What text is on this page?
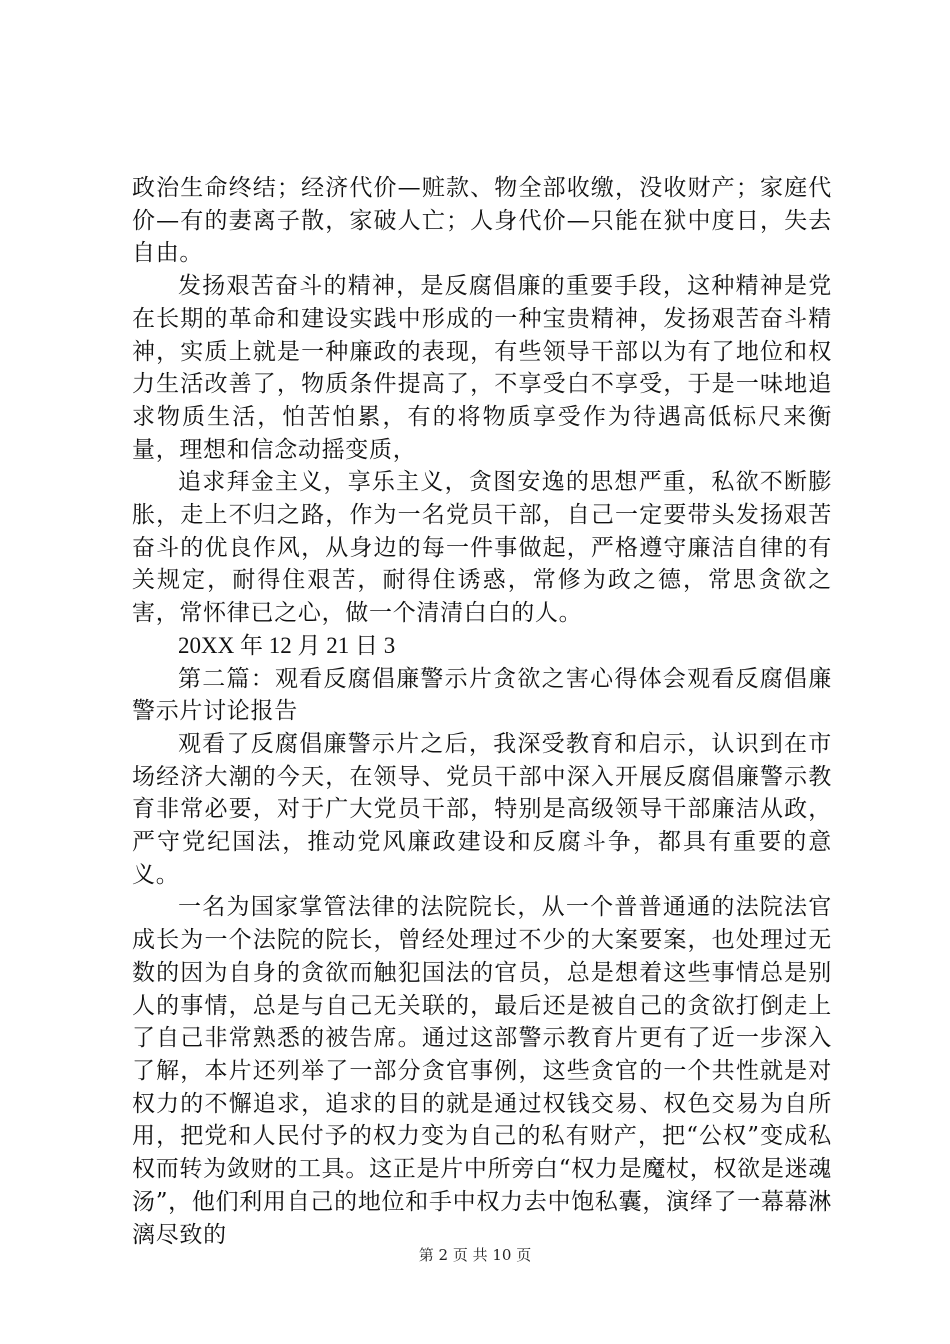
政治生命终结；经济代价—赃款、物全部收缴，没收财产；家庭代价—有的妻离子散，家破人亡；人身代价—只能在狱中度日，失去自由。

发扬艰苦奋斗的精神，是反腐倡廉的重要手段，这种精神是党在长期的革命和建设实践中形成的一种宝贵精神，发扬艰苦奋斗精神，实质上就是一种廉政的表现，有些领导干部以为有了地位和权力生活改善了，物质条件提高了，不享受白不享受，于是一味地追求物质生活，怕苦怕累，有的将物质享受作为待遇高低标尺来衡量，理想和信念动摇变质，

追求拜金主义，享乐主义，贪图安逸的思想严重，私欲不断膨胀，走上不归之路，作为一名党员干部，自己一定要带头发扬艰苦奋斗的优良作风，从身边的每一件事做起，严格遵守廉洁自律的有关规定，耐得住艰苦，耐得住诱惑，常修为政之德，常思贪欲之害，常怀律已之心，做一个清清白白的人。

20XX 年 12 月 21 日 3

第二篇：观看反腐倡廉警示片贪欲之害心得体会观看反腐倡廉警示片讨论报告

观看了反腐倡廉警示片之后，我深受教育和启示，认识到在市场经济大潮的今天，在领导、党员干部中深入开展反腐倡廉警示教育非常必要，对于广大党员干部，特别是高级领导干部廉洁从政，严守党纪国法，推动党风廉政建设和反腐斗争，都具有重要的意义。

一名为国家掌管法律的法院院长，从一个普普通通的法院法官成长为一个法院的院长，曾经处理过不少的大案要案，也处理过无数的因为自身的贪欲而触犯国法的官员，总是想着这些事情总是别人的事情，总是与自己无关联的，最后还是被自己的贪欲打倒走上了自己非常熟悉的被告席。通过这部警示教育片更有了近一步深入了解，本片还列举了一部分贪官事例，这些贪官的一个共性就是对权力的不懈追求，追求的目的就是通过权钱交易、权色交易为自所用，把党和人民付予的权力变为自己的私有财产，把“公权”变成私权而转为敛财的工具。这正是片中所旁白“权力是魔杖，权欲是迷魂汤”，他们利用自己的地位和手中权力去中饱私囊，演绎了一幕幕淋漓尽致的

第 2 页 共 10 页
